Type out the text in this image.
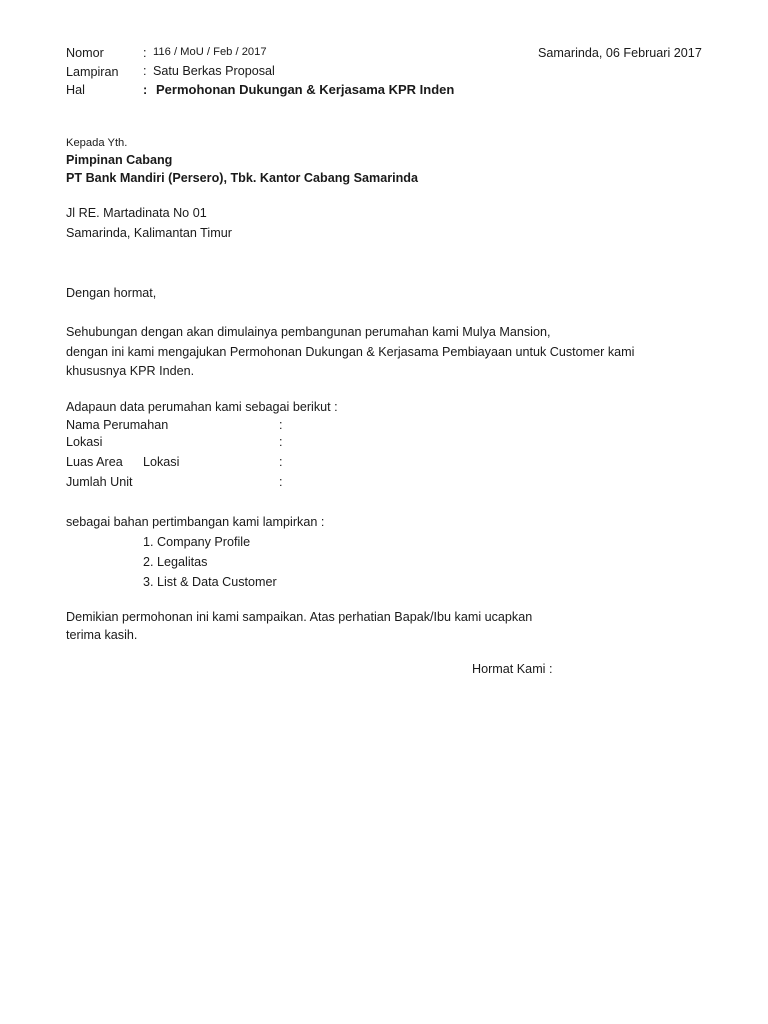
Nomor	: 116 / MoU / Feb / 2017	Samarinda, 06 Februari 2017
Lampiran : Satu Berkas Proposal
Hal	: Permohonan Dukungan & Kerjasama KPR Inden
Kepada Yth.
Pimpinan Cabang
PT Bank Mandiri (Persero), Tbk. Kantor Cabang Samarinda
Jl RE. Martadinata No 01
Samarinda, Kalimantan Timur
Dengan hormat,
Sehubungan dengan akan dimulainya pembangunan perumahan kami Mulya Mansion,
dengan ini kami mengajukan Permohonan Dukungan & Kerjasama Pembiayaan untuk Customer kami
khususnya KPR Inden.
Adapaun data perumahan kami sebagai berikut :
Nama Perumahan	:
Lokasi	:
Luas Area Lokasi	:
Jumlah Unit	:
sebagai bahan pertimbangan kami lampirkan :
1. Company Profile
2. Legalitas
3. List & Data Customer
Demikian permohonan ini kami sampaikan. Atas perhatian Bapak/Ibu kami ucapkan
terima kasih.
Hormat Kami :
